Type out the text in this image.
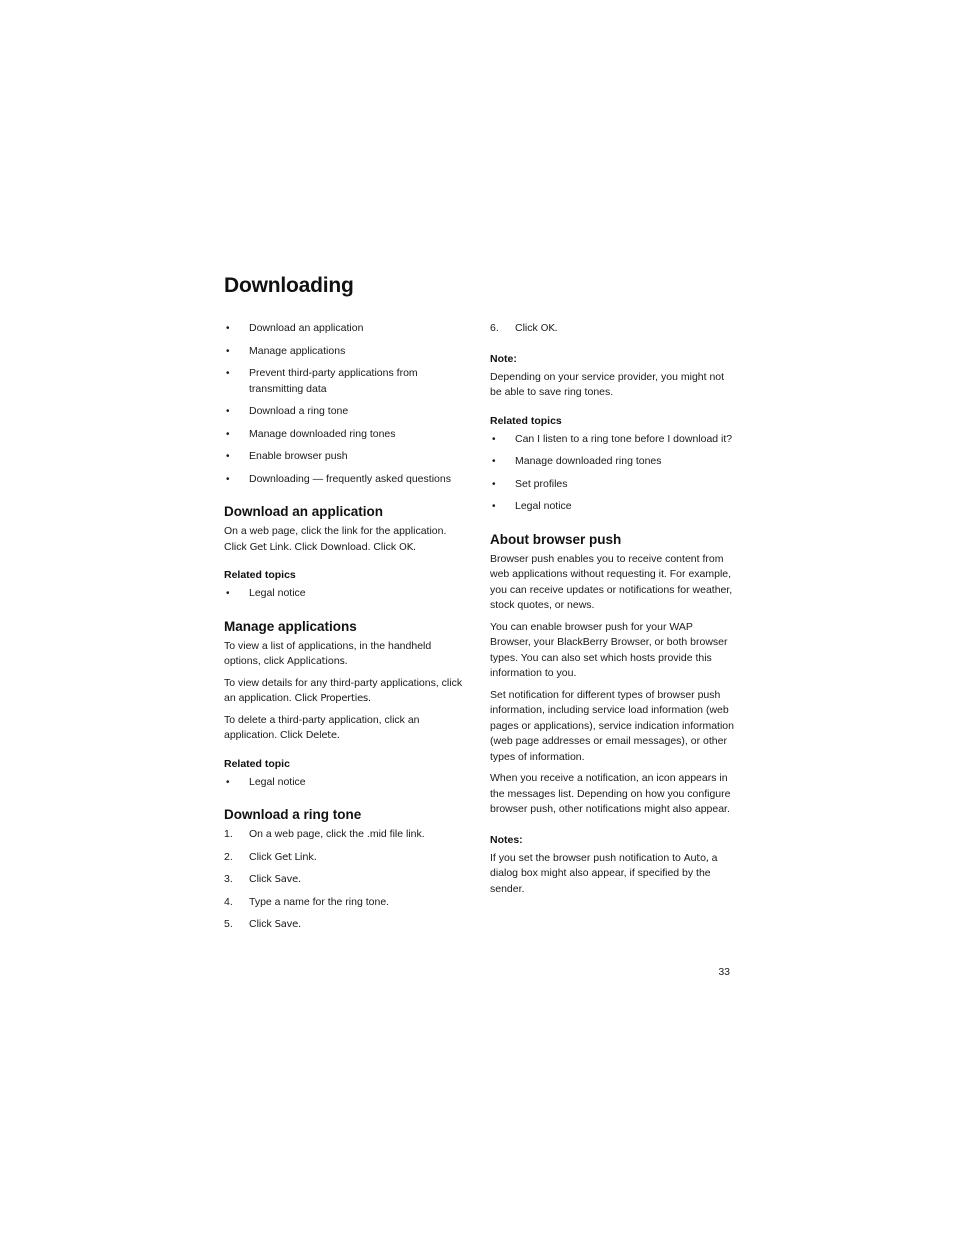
Downloading
•	Download an application
•	Manage applications
•	Prevent third-party applications from transmitting data
•	Download a ring tone
•	Manage downloaded ring tones
•	Enable browser push
•	Downloading — frequently asked questions
Download an application

On a web page, click the link for the application. Click Get Link. Click Download. Click OK.

Related topics
•	Legal notice
Manage applications

To view a list of applications, in the handheld options, click Applications.

To view details for any third-party applications, click an application. Click Properties.

To delete a third-party application, click an application. Click Delete.

Related topic
•	Legal notice
Download a ring tone
1.	On a web page, click the .mid file link.
2.	Click Get Link.
3.	Click Save.
4.	Type a name for the ring tone.
5.	Click Save.
6.	Click OK.
Note:

Depending on your service provider, you might not be able to save ring tones.

Related topics
•	Can I listen to a ring tone before I download it?
•	Manage downloaded ring tones
•	Set profiles
•	Legal notice
About browser push

Browser push enables you to receive content from web applications without requesting it. For example, you can receive updates or notifications for weather, stock quotes, or news.

You can enable browser push for your WAP Browser, your BlackBerry Browser, or both browser types. You can also set which hosts provide this information to you.

Set notification for different types of browser push information, including service load information (web pages or applications), service indication information (web page addresses or email messages), or other types of information.

When you receive a notification, an icon appears in the messages list. Depending on how you configure browser push, other notifications might also appear.

Notes:

If you set the browser push notification to Auto, a dialog box might also appear, if specified by the sender.

33
